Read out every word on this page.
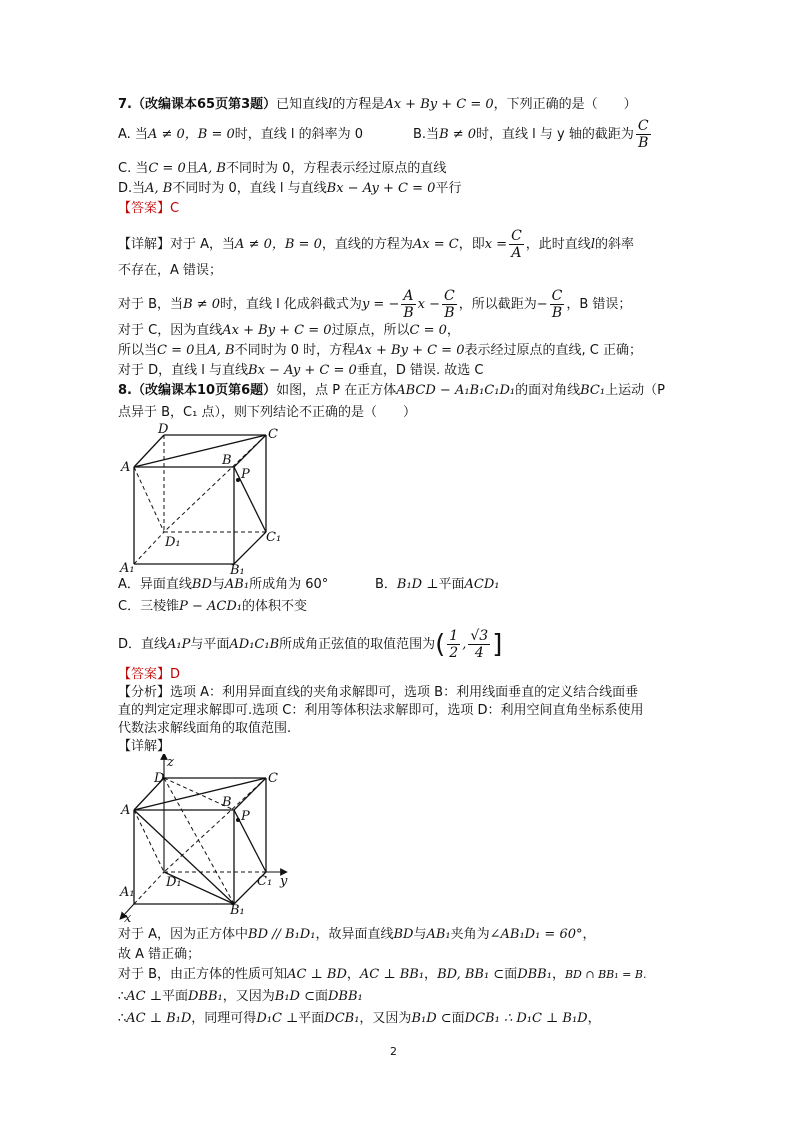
7.（改编课本65页第3题）已知直线l的方程是Ax + By + C = 0，下列正确的是（　　）
A. 当A ≠ 0，B = 0时，直线 l 的斜率为 0	B.当B ≠ 0时，直线 l 与 y 轴的截距为 $\frac{C}{B}$
C. 当C = 0且A, B不同时为 0，方程表示经过原点的直线
D.当A, B不同时为 0，直线 l 与直线Bx − Ay + C = 0平行
【答案】C
【详解】对于 A，当A ≠ 0，B = 0，直线的方程为Ax = C，即$x = \frac{C}{A}$ ，此时直线l的斜率
不存在，A 错误；
对于 B，当B ≠ 0时，直线 l 化成斜截式为y = − $\frac{A}{B}$ $x - \frac{C}{B}$ ，所以截距为− $\frac{C}{B}$ ，B 错误；
对于 C，因为直线Ax + By + C = 0过原点，所以C = 0，
所以当C = 0且A, B不同时为 0 时，方程Ax + By + C = 0表示经过原点的直线, C 正确；
对于 D，直线 l 与直线Bx − Ay + C = 0垂直，D 错误. 故选 C
8.（改编课本10页第6题）如图，点 P 在正方体ABCD − A₁B₁C₁D₁的面对角线BC₁上运动（P
点异于 B，C₁ 点），则下列结论不正确的是（　　）
D	C
A	B
P
D₁	C₁
A₁	B₁
A．异面直线BD与AB₁所成角为 60°	B．B₁D ⊥平面ACD₁
C．三棱锥P − ACD₁的体积不变
D．直线A₁P与平面AD₁C₁B所成角正弦值的取值范围为( $\frac{1}{2}$ , $\frac{√3}{4}$ ]
【答案】D
【分析】选项 A：利用异面直线的夹角求解即可，选项 B：利用线面垂直的定义结合线面垂
直的判定定理求解即可.选项 C：利用等体积法求解即可，选项 D：利用空间直角坐标系使用
代数法求解线面角的取值范围.
【详解】
z
D	C
A
B
P
D₁	C₁ y
A₁
B₁
x
对于 A，因为正方体中BD // B₁D₁，故异面直线BD与AB₁夹角为∠AB₁D₁ = 60°，
故 A 错正确；
对于 B，由正方体的性质可知AC ⊥ BD，AC ⊥ BB₁，BD, BB₁ ⊂面DBB₁，BD ∩ BB₁ = B.
∴AC ⊥平面DBB₁，又因为B₁D ⊂面DBB₁
∴AC ⊥ B₁D，同理可得D₁C ⊥平面DCB₁，又因为B₁D ⊂面DCB₁ ∴ D₁C ⊥ B₁D，
2
